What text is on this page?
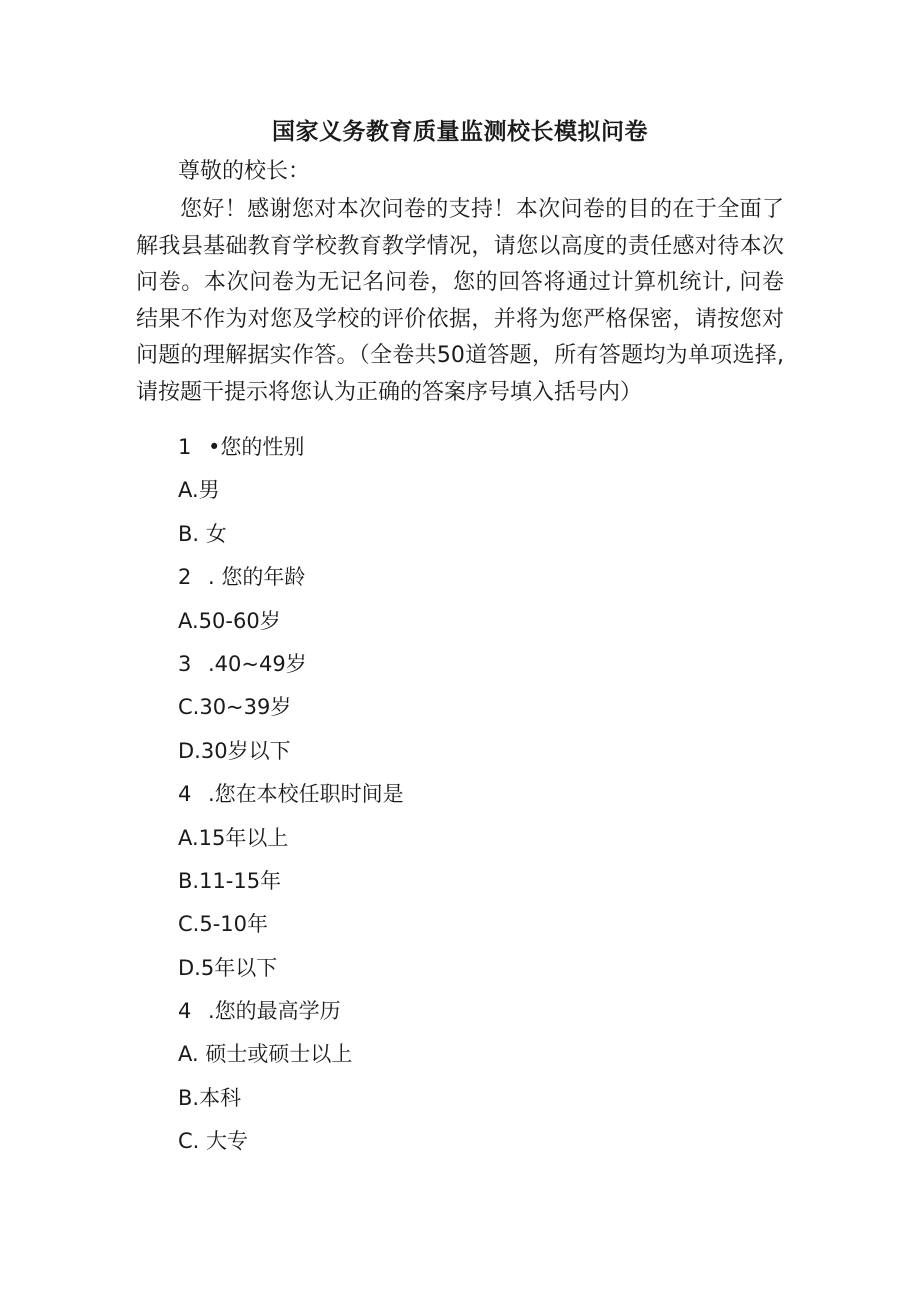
国家义务教育质量监测校长模拟问卷
尊敬的校长：

您好！感谢您对本次问卷的支持！本次问卷的目的在于全面了解我县基础教育学校教育教学情况，请您以高度的责任感对待本次问卷。本次问卷为无记名问卷，您的回答将通过计算机统计, 问卷结果不作为对您及学校的评价依据，并将为您严格保密，请按您对问题的理解据实作答。（全卷共50道答题，所有答题均为单项选择,请按题干提示将您认为正确的答案序号填入括号内）

1 •您的性别
A.男
B. 女
2 . 您的年龄
A.50-60岁
3 .40~49岁
C.30~39岁
D.30岁以下
4 .您在本校任职时间是
A.15年以上
B.11-15年
C.5-10年
D.5年以下
4 .您的最高学历
A. 硕士或硕士以上
B.本科
C. 大专
